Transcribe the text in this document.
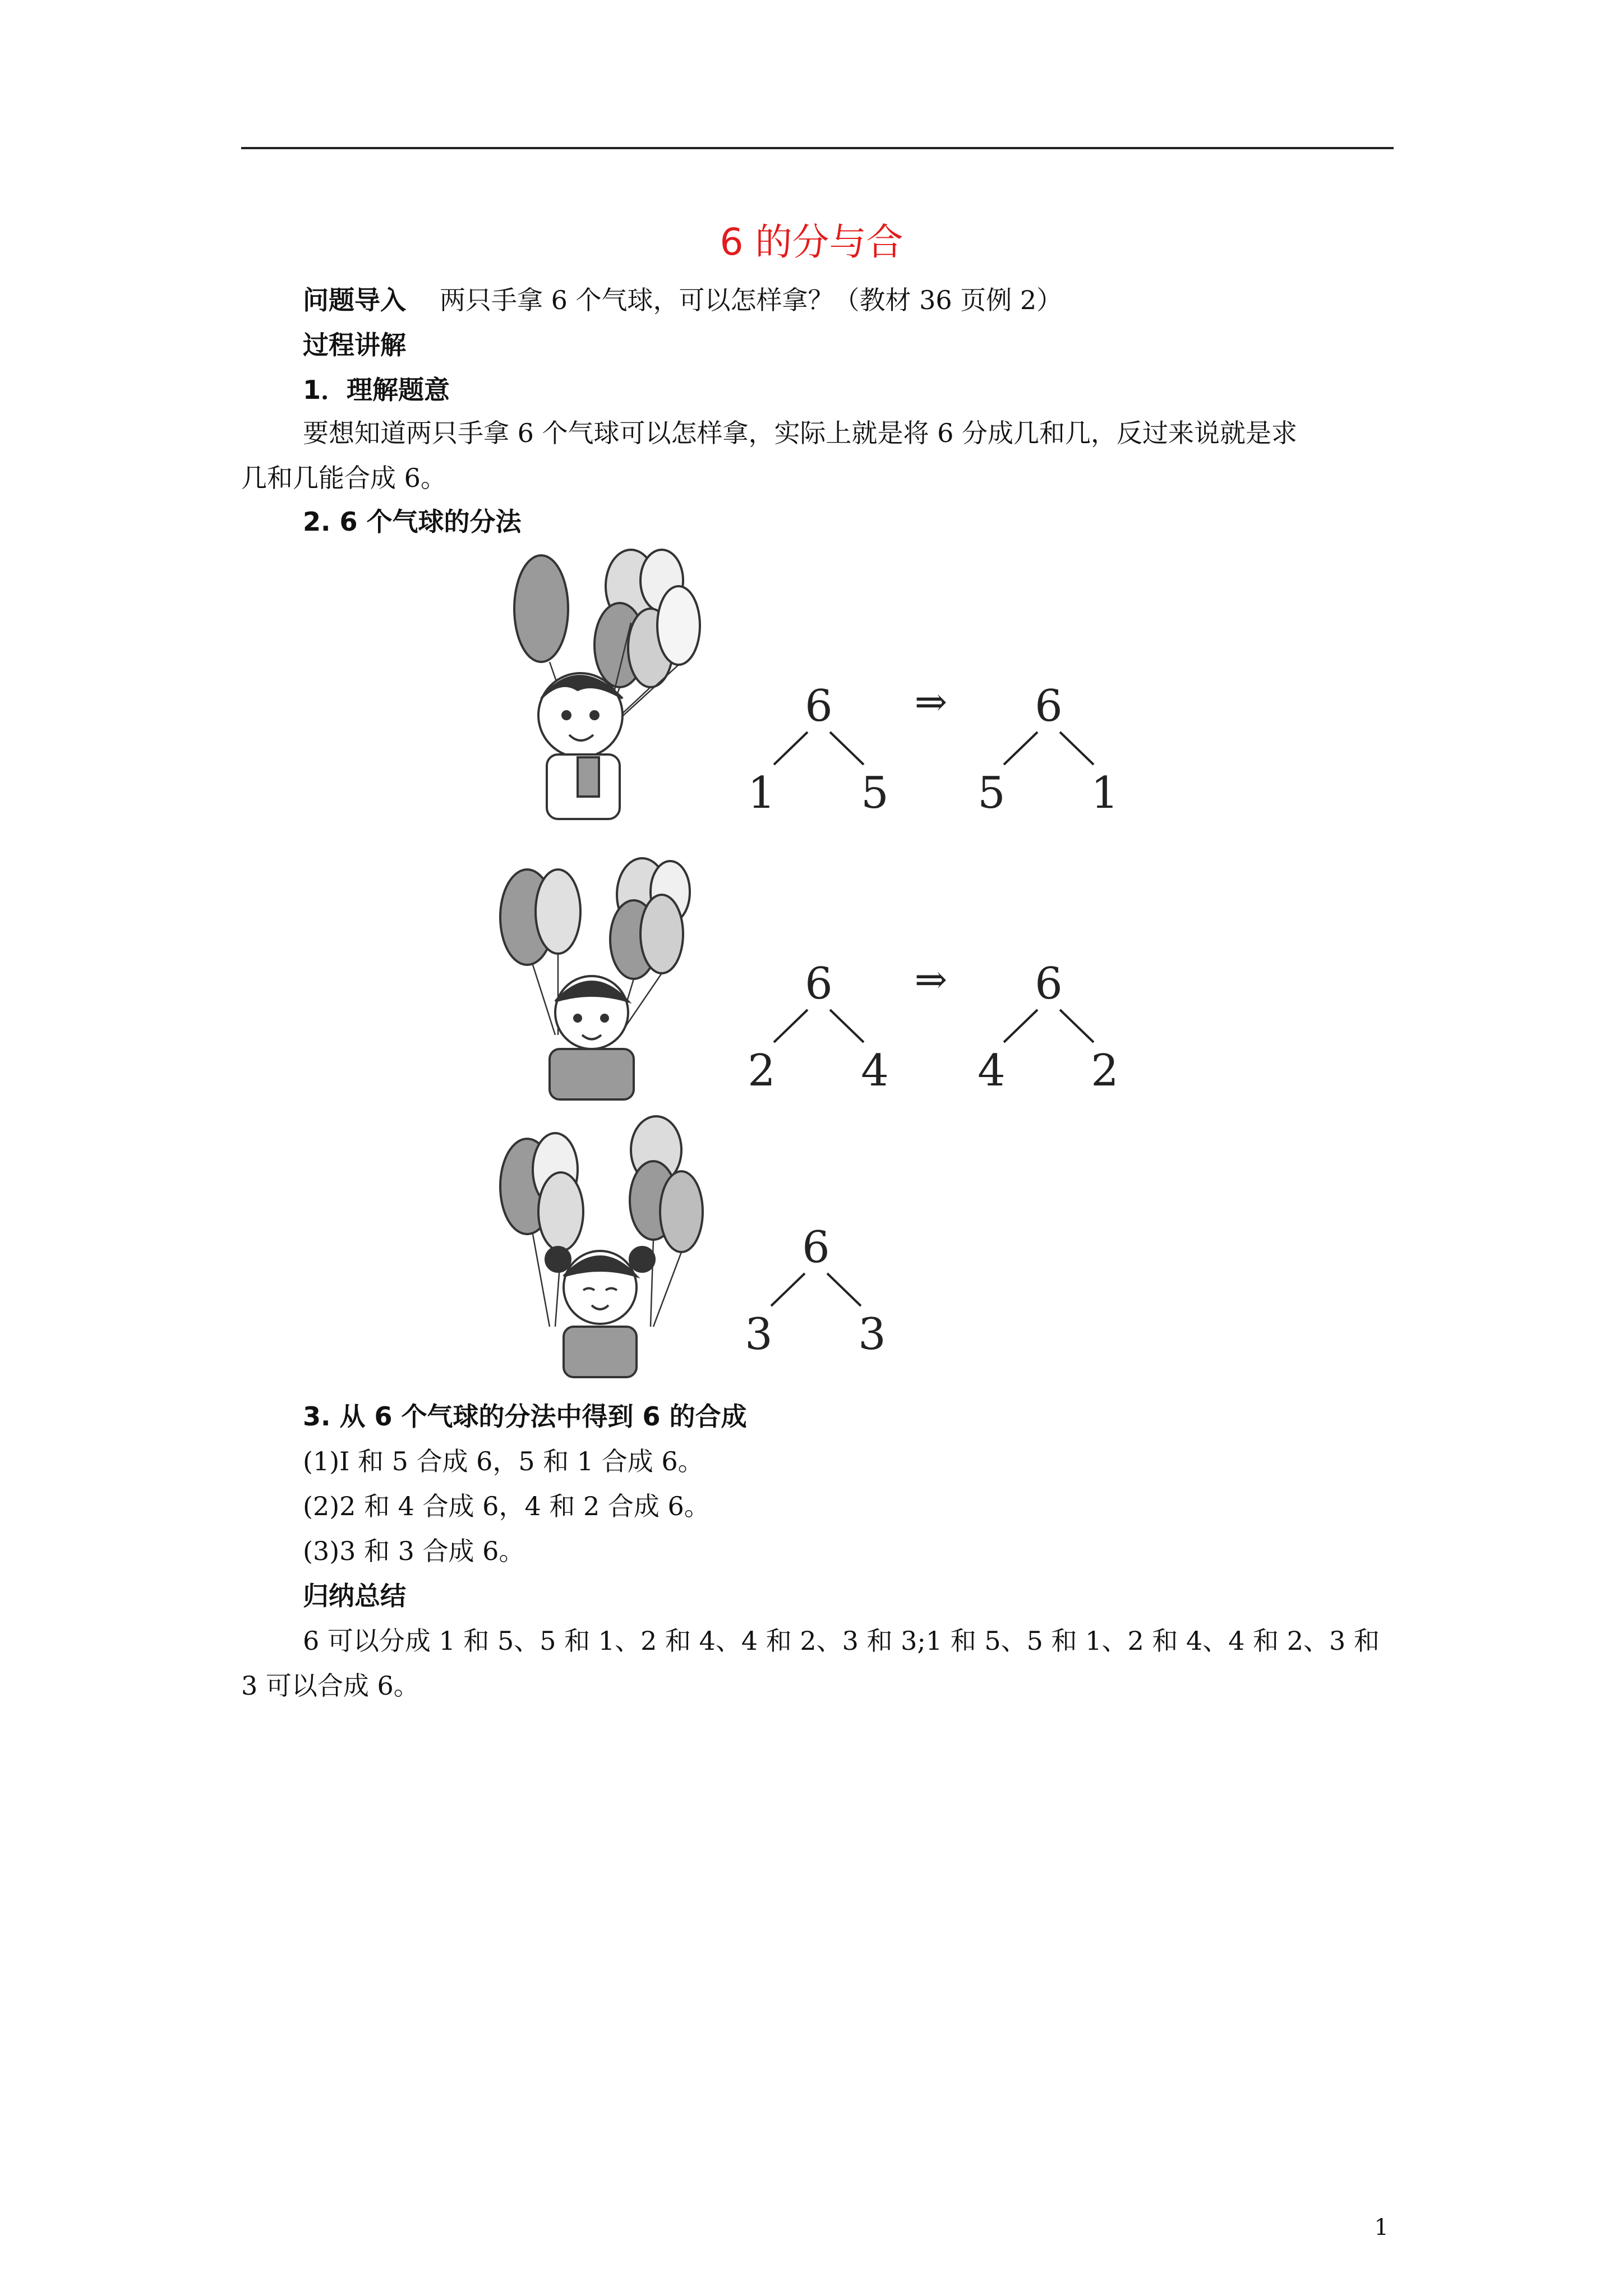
6 的分与合
问题导入 两只手拿 6 个气球，可以怎样拿？（教材 36 页例 2）
过程讲解
1．理解题意
要想知道两只手拿 6 个气球可以怎样拿，实际上就是将 6 分成几和几，反过来说就是求
几和几能合成 6。
2. 6 个气球的分法
6
1 5
⇒ 6
5 1
6
2 4
⇒ 6
4 2
6
3 3
3. 从 6 个气球的分法中得到 6 的合成
(1)I 和 5 合成 6，5 和 1 合成 6。
(2)2 和 4 合成 6，4 和 2 合成 6。
(3)3 和 3 合成 6。
归纳总结
6 可以分成 1 和 5、5 和 1、2 和 4、4 和 2、3 和 3;1 和 5、5 和 1、2 和 4、4 和 2、3 和
3 可以合成 6。
1
